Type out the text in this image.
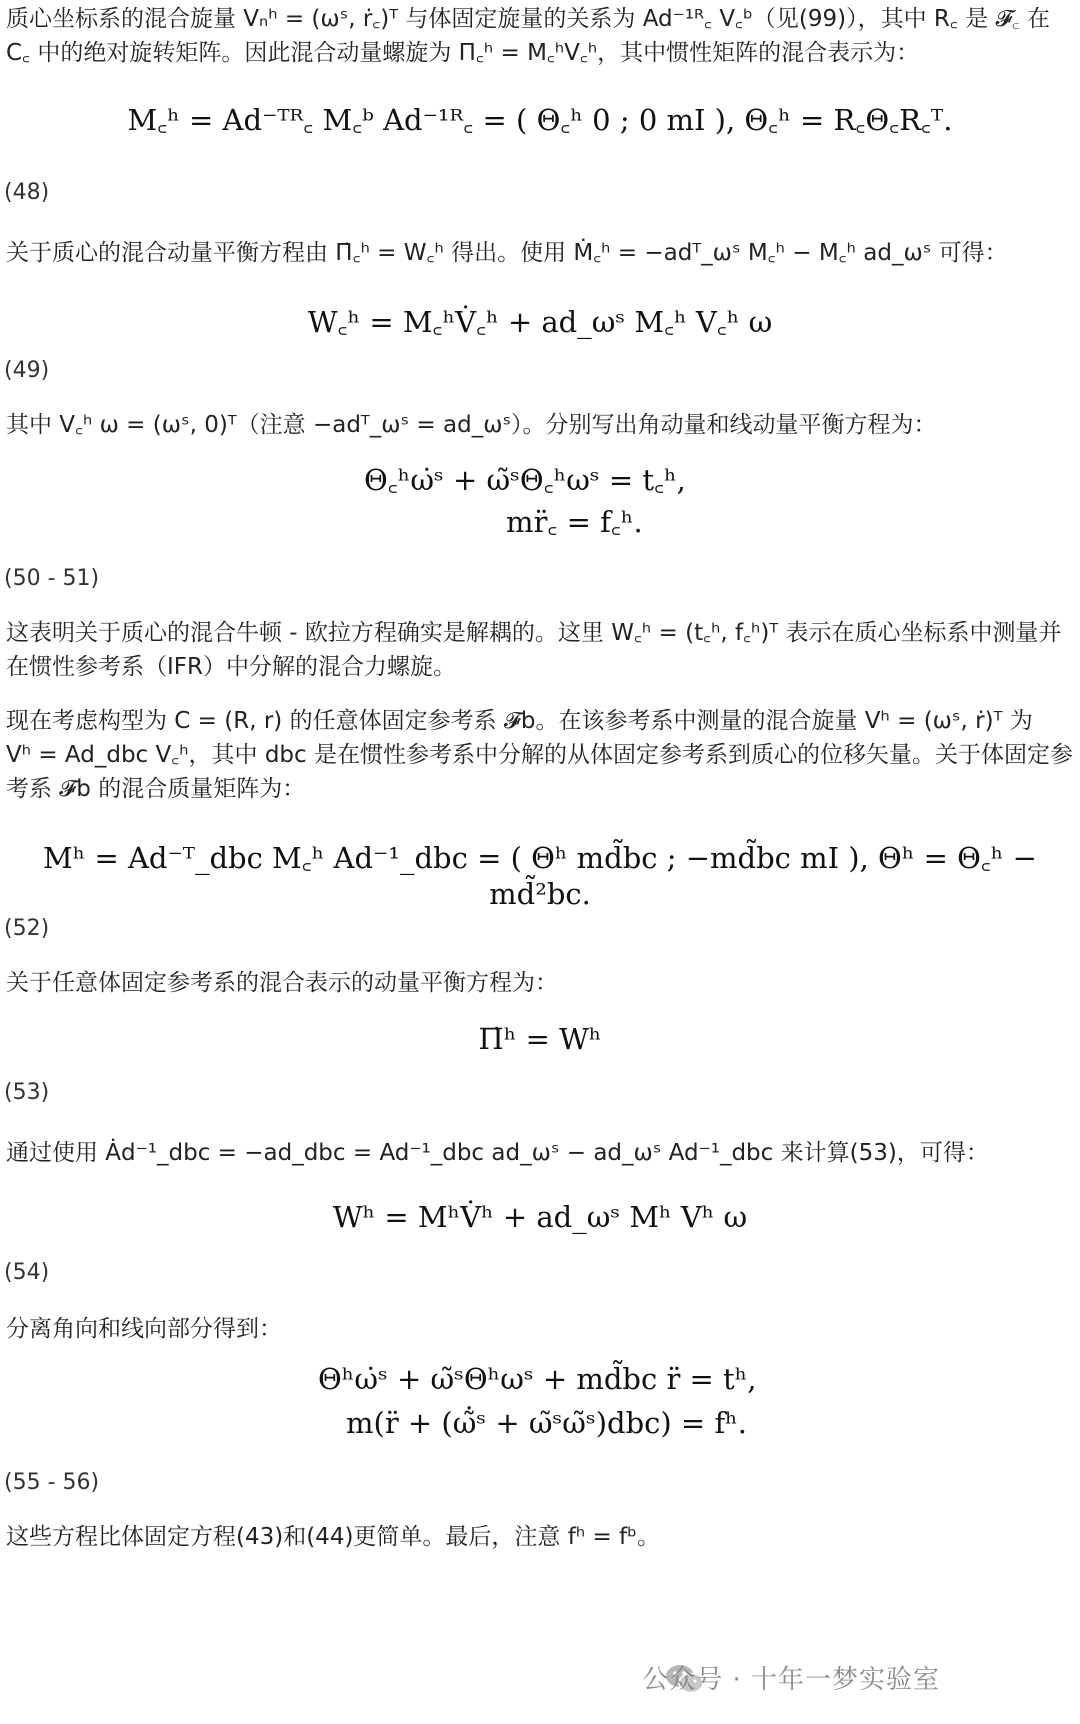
质心坐标系的混合旋量 Vₙʰ = (ωˢ, ṙ꜀)ᵀ 与体固定旋量的关系为 Ad⁻¹ᴿ꜀ V꜀ᵇ（见(99)），其中 R꜀ 是 𝓕꜀ 在
C꜀ 中的绝对旋转矩阵。因此混合动量螺旋为 Π꜀ʰ = M꜀ʰV꜀ʰ，其中惯性矩阵的混合表示为：
M꜀ʰ = Ad⁻ᵀᴿ꜀ M꜀ᵇ Ad⁻¹ᴿ꜀ = ( Θ꜀ʰ 0 ; 0 mI ), Θ꜀ʰ = R꜀Θ꜀R꜀ᵀ.
(48)
关于质心的混合动量平衡方程由 Π̇꜀ʰ = W꜀ʰ 得出。使用 Ṁ꜀ʰ = −adᵀ_ωˢ M꜀ʰ − M꜀ʰ ad_ωˢ 可得：
W꜀ʰ = M꜀ʰV̇꜀ʰ + ad_ωˢ M꜀ʰ V꜀ʰ ω
(49)
其中 V꜀ʰ ω = (ωˢ, 0)ᵀ（注意 −adᵀ_ωˢ = ad_ωˢ）。分别写出角动量和线动量平衡方程为：
Θ꜀ʰω̇ˢ + ω̃ˢΘ꜀ʰωˢ = t꜀ʰ,
mr̈꜀ = f꜀ʰ.
(50 - 51)
这表明关于质心的混合牛顿 - 欧拉方程确实是解耦的。这里 W꜀ʰ = (t꜀ʰ, f꜀ʰ)ᵀ 表示在质心坐标系中测量并
在惯性参考系（IFR）中分解的混合力螺旋。
现在考虑构型为 C = (R, r) 的任意体固定参考系 𝓕b。在该参考系中测量的混合旋量 Vʰ = (ωˢ, ṙ)ᵀ 为
Vʰ = Ad_dbc V꜀ʰ，其中 dbc 是在惯性参考系中分解的从体固定参考系到质心的位移矢量。关于体固定参
考系 𝓕b 的混合质量矩阵为：
Mʰ = Ad⁻ᵀ_dbc M꜀ʰ Ad⁻¹_dbc = ( Θʰ md̃bc ; −md̃bc mI ), Θʰ = Θ꜀ʰ − md̃²bc.
(52)
关于任意体固定参考系的混合表示的动量平衡方程为：
Π̇ʰ = Wʰ
(53)
通过使用 Ȧd⁻¹_dbc = −ad_dbc = Ad⁻¹_dbc ad_ωˢ − ad_ωˢ Ad⁻¹_dbc 来计算(53)，可得：
Wʰ = MʰV̇ʰ + ad_ωˢ Mʰ Vʰ ω
(54)
分离角向和线向部分得到：
Θʰω̇ˢ + ω̃ˢΘʰωˢ + md̃bc r̈ = tʰ,
m(r̈ + (ω̃̇ˢ + ω̃ˢω̃ˢ)dbc) = fʰ.
(55 - 56)
这些方程比体固定方程(43)和(44)更简单。最后，注意 fʰ = fᵇ。
公众号 · 十年一梦实验室
